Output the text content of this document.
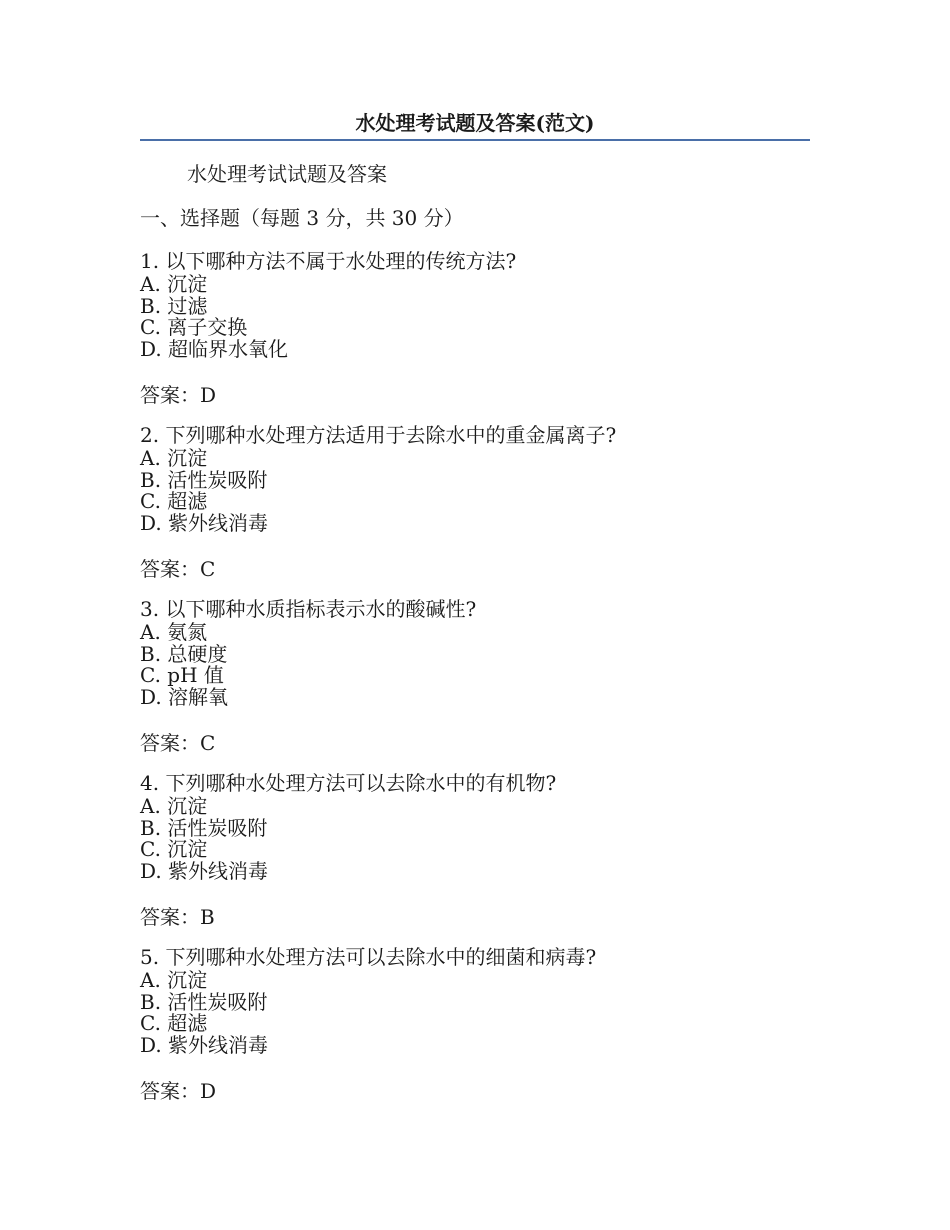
水处理考试题及答案(范文)
水处理考试试题及答案
一、选择题（每题 3 分，共 30 分）
1. 以下哪种方法不属于水处理的传统方法?
A. 沉淀
B. 过滤
C. 离子交换
D. 超临界水氧化
答案：D
2. 下列哪种水处理方法适用于去除水中的重金属离子?
A. 沉淀
B. 活性炭吸附
C. 超滤
D. 紫外线消毒
答案：C
3. 以下哪种水质指标表示水的酸碱性?
A. 氨氮
B. 总硬度
C. pH 值
D. 溶解氧
答案：C
4. 下列哪种水处理方法可以去除水中的有机物?
A. 沉淀
B. 活性炭吸附
C. 沉淀
D. 紫外线消毒
答案：B
5. 下列哪种水处理方法可以去除水中的细菌和病毒?
A. 沉淀
B. 活性炭吸附
C. 超滤
D. 紫外线消毒
答案：D
